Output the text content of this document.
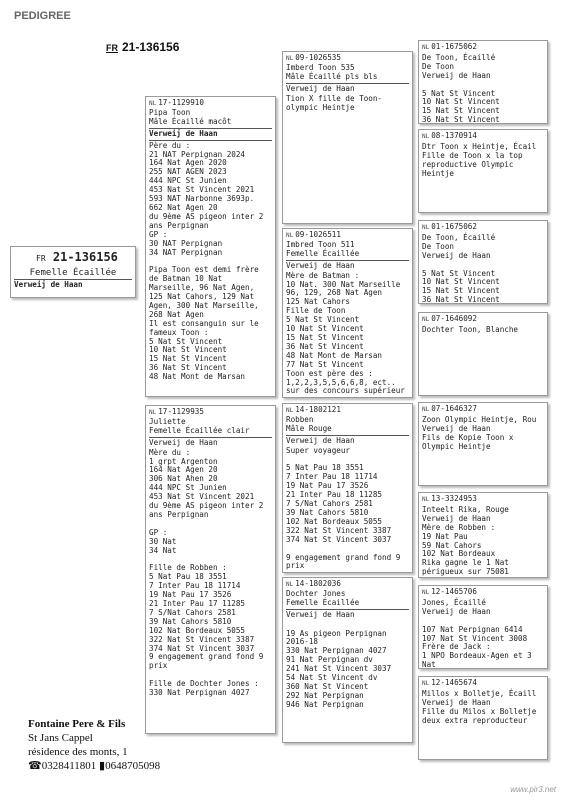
PEDIGREE
FR 21-136156
FR 21-136156
Femelle Écaillée
Verweij de Haan
NL 17-1129910
Pipa Toon
Mâle Écaillé macôt
Verweij de Haan
Père du :
21 NAT Perpignan 2024
164 Nat Agen 2020
255 NAT AGEN 2023
444 NPC St Junien
453 Nat St Vincent 2021
593 NAT Narbonne 3693p.
662 Nat Agen 20
du 9ème AS pigeon inter 2 ans Perpignan
GP :
30 NAT Perpignan
34 NAT Perpignan

Pipa Toon est demi frère de Batman 10 Nat Marseille, 96 Nat Agen, 125 Nat Cahors, 129 Nat Agen, 300 Nat Marseille, 268 Nat Agen
Il est consanguin sur le fameux Toon :
5 Nat St Vincent
10 Nat St Vincent
15 Nat St Vincent
36 Nat St Vincent
48 Nat Mont de Marsan
NL 17-1129935
Juliette
Femelle Écaillée clair
Verweij de Haan
Mère du :
1 grpt Argenton
164 Nat Agen 20
306 Nat Ahen 20
444 NPC St Junien
453 Nat St Vincent 2021
du 9ème AS pigeon inter 2 ans Perpignan

GP :
30 Nat
34 Nat

Fille de Robben :
5 Nat Pau 18 3551
7 Inter Pau 18 11714
19 Nat Pau 17 3526
21 Inter Pau 17 11285
7 S/Nat Cahors 2581
39 Nat Cahors 5810
102 Nat Bordeaux 5055
322 Nat St Vincent 3387
374 Nat St Vincent 3037
9 engagement grand fond 9 prix

Fille de Dochter Jones :
330 Nat Perpignan 4027
NL 09-1026535
Imberd Toon 535
Mâle Écaillé pls bls
Verweij de Haan
Tion X fille de Toon-olympic Heintje
NL 09-1026511
Imbred Toon 511
Femelle Écaillée
Verweij de Haan
Mère de Batman :
10 Nat. 300 Nat Marseille
96, 129, 268 Nat Agen
125 Nat Cahors
Fille de Toon
5 Nat St Vincent
10 Nat St Vincent
15 Nat St Vincent
36 Nat St Vincent
48 Nat Mont de Marsan
77 Nat St Vincent
Toon est père des :
1,2,2,3,5,5,6,6,8, ect.. sur des concours supérieur
NL 14-1802121
Robben
Mâle Rouge
Verweij de Haan
Super voyageur

5 Nat Pau 18 3551
7 Inter Pau 18 11714
19 Nat Pau 17 3526
21 Inter Pau 18 11285
7 S/Nat Cahors 2581
39 Nat Cahors 5810
102 Nat Bordeaux 5055
322 Nat St Vincent 3387
374 Nat St Vincent 3037

9 engagement grand fond 9 prix
NL 14-1802036
Dochter Jones
Femelle Écaillée
Verweij de Haan

19 As pigeon Perpignan 2016-18
330 Nat Perpignan 4027
91 Nat Perpignan dv
241 Nat St Vincent 3037
54 Nat St Vincent dv
360 Nat St Vincent
292 Nat Perpignan
946 Nat Perpignan
NL 01-1675062
De Toon, Écaillé
De Toon
Verweij de Haan

5 Nat St Vincent
10 Nat St Vincent
15 Nat St Vincent
36 Nat St Vincent
NL 08-1370914
Dtr Toon x Heintje, Écail
Fille de Toon x la top reproductive Olympic Heintje
NL 01-1675062
De Toon, Écaillé
De Toon
Verweij de Haan

5 Nat St Vincent
10 Nat St Vincent
15 Nat St Vincent
36 Nat St Vincent
NL 07-1646092
Dochter Toon, Blanche
NL 07-1646327
Zoon Olympic Heintje, Rou
Verweij de Haan
Fils de Kopie Toon x Olympic Heintje
NL 13-3324953
Inteelt Rika, Rouge
Verweij de Haan
Mère de Robben :
19 Nat Pau
59 Nat Cahors
102 Nat Bordeaux
Rika gagne le 1 Nat périgueux sur 75081
NL 12-1465706
Jones, Écaillé
Verweij de Haan

107 Nat Perpignan 6414
107 Nat St Vincent 3008
Frère de Jack :
1 NPO Bordeaux-Agen et 3 Nat
NL 12-1465674
Millos x Bolletje, Écaill
Verweij de Haan
Fille du Milos x Bolletje deux extra reproducteur
Fontaine Pere & Fils
St Jans Cappel
résidence des monts, 1
☎0328411801 ▮0648705098
www.pir3.net
